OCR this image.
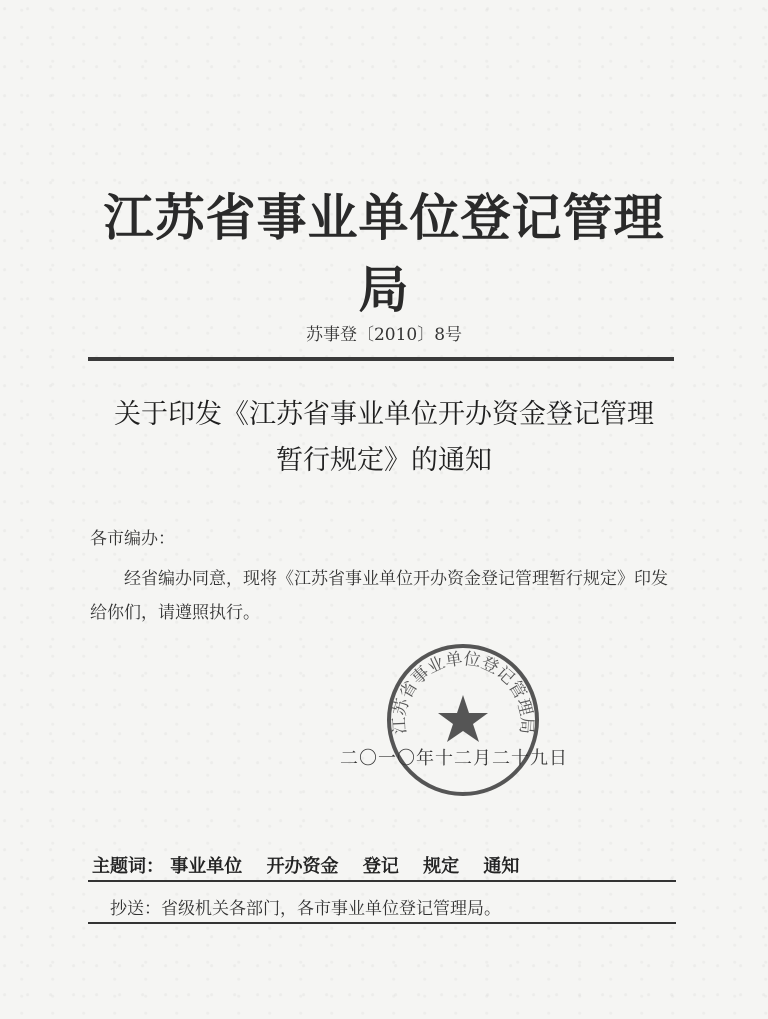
江苏省事业单位登记管理局
苏事登〔2010〕8号
关于印发《江苏省事业单位开办资金登记管理
暂行规定》的通知
各市编办：
经省编办同意，现将《江苏省事业单位开办资金登记管理暂行规定》印发给你们，请遵照执行。
江苏省事业单位登记管理局
二〇一〇年十二月二十九日
主题词： 事业单位 开办资金 登记 规定 通知
抄送：省级机关各部门，各市事业单位登记管理局。
